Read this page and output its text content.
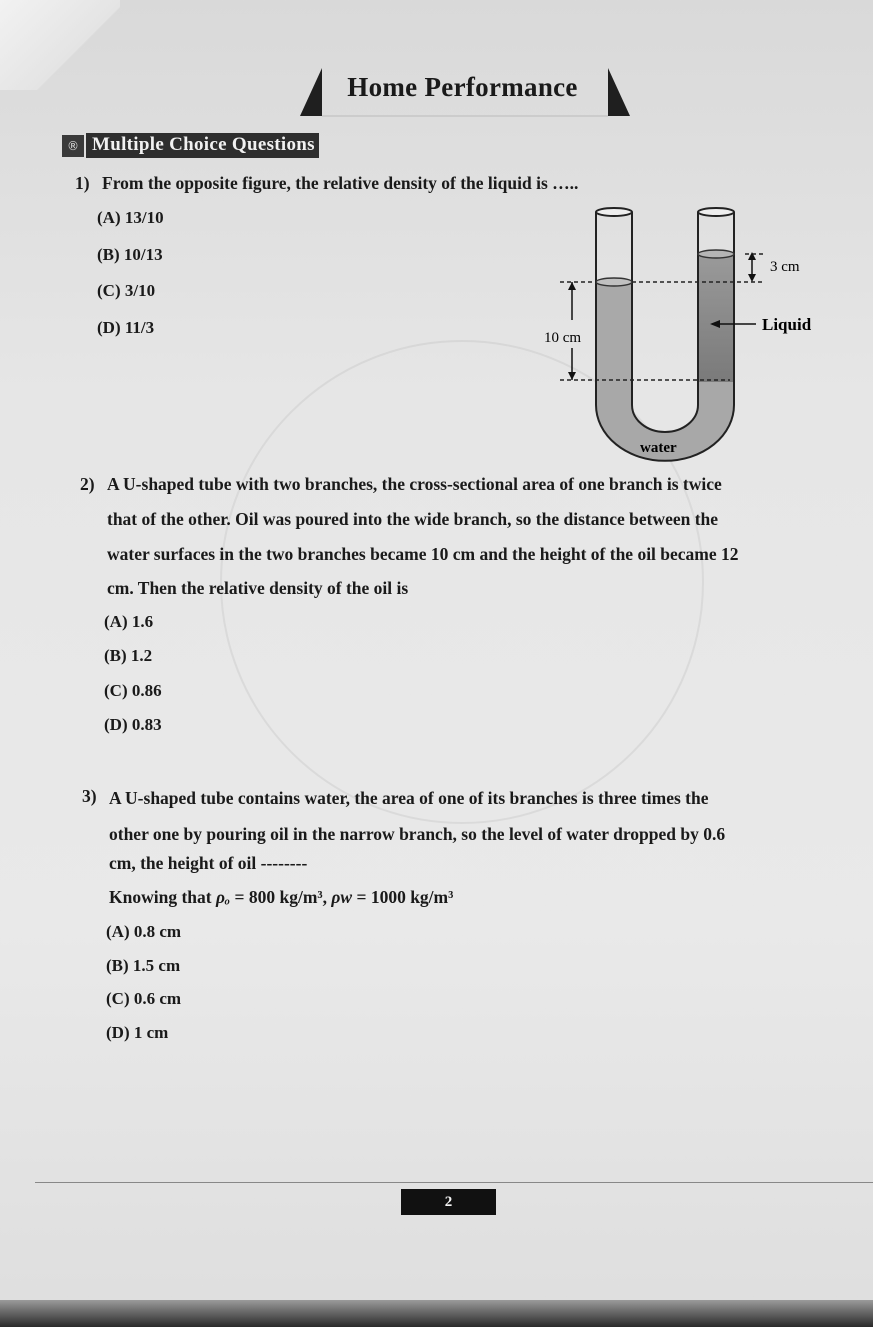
Home Performance
® Multiple Choice Questions
1) From the opposite figure, the relative density of the liquid is …..
(A) 13/10
(B) 10/13
(C) 3/10
(D) 11/3
3 cm
10 cm
Liquid
water
2) A U-shaped tube with two branches, the cross-sectional area of one branch is twice
that of the other. Oil was poured into the wide branch, so the distance between the
water surfaces in the two branches became 10 cm and the height of the oil became 12
cm. Then the relative density of the oil is
(A) 1.6
(B) 1.2
(C) 0.86
(D) 0.83
3) A U-shaped tube contains water, the area of one of its branches is three times the
other one by pouring oil in the narrow branch, so the level of water dropped by 0.6
cm, the height of oil --------
Knowing that ρₒ = 800 kg/m³, ρw = 1000 kg/m³
(A) 0.8 cm
(B) 1.5 cm
(C) 0.6 cm
(D) 1 cm
2
